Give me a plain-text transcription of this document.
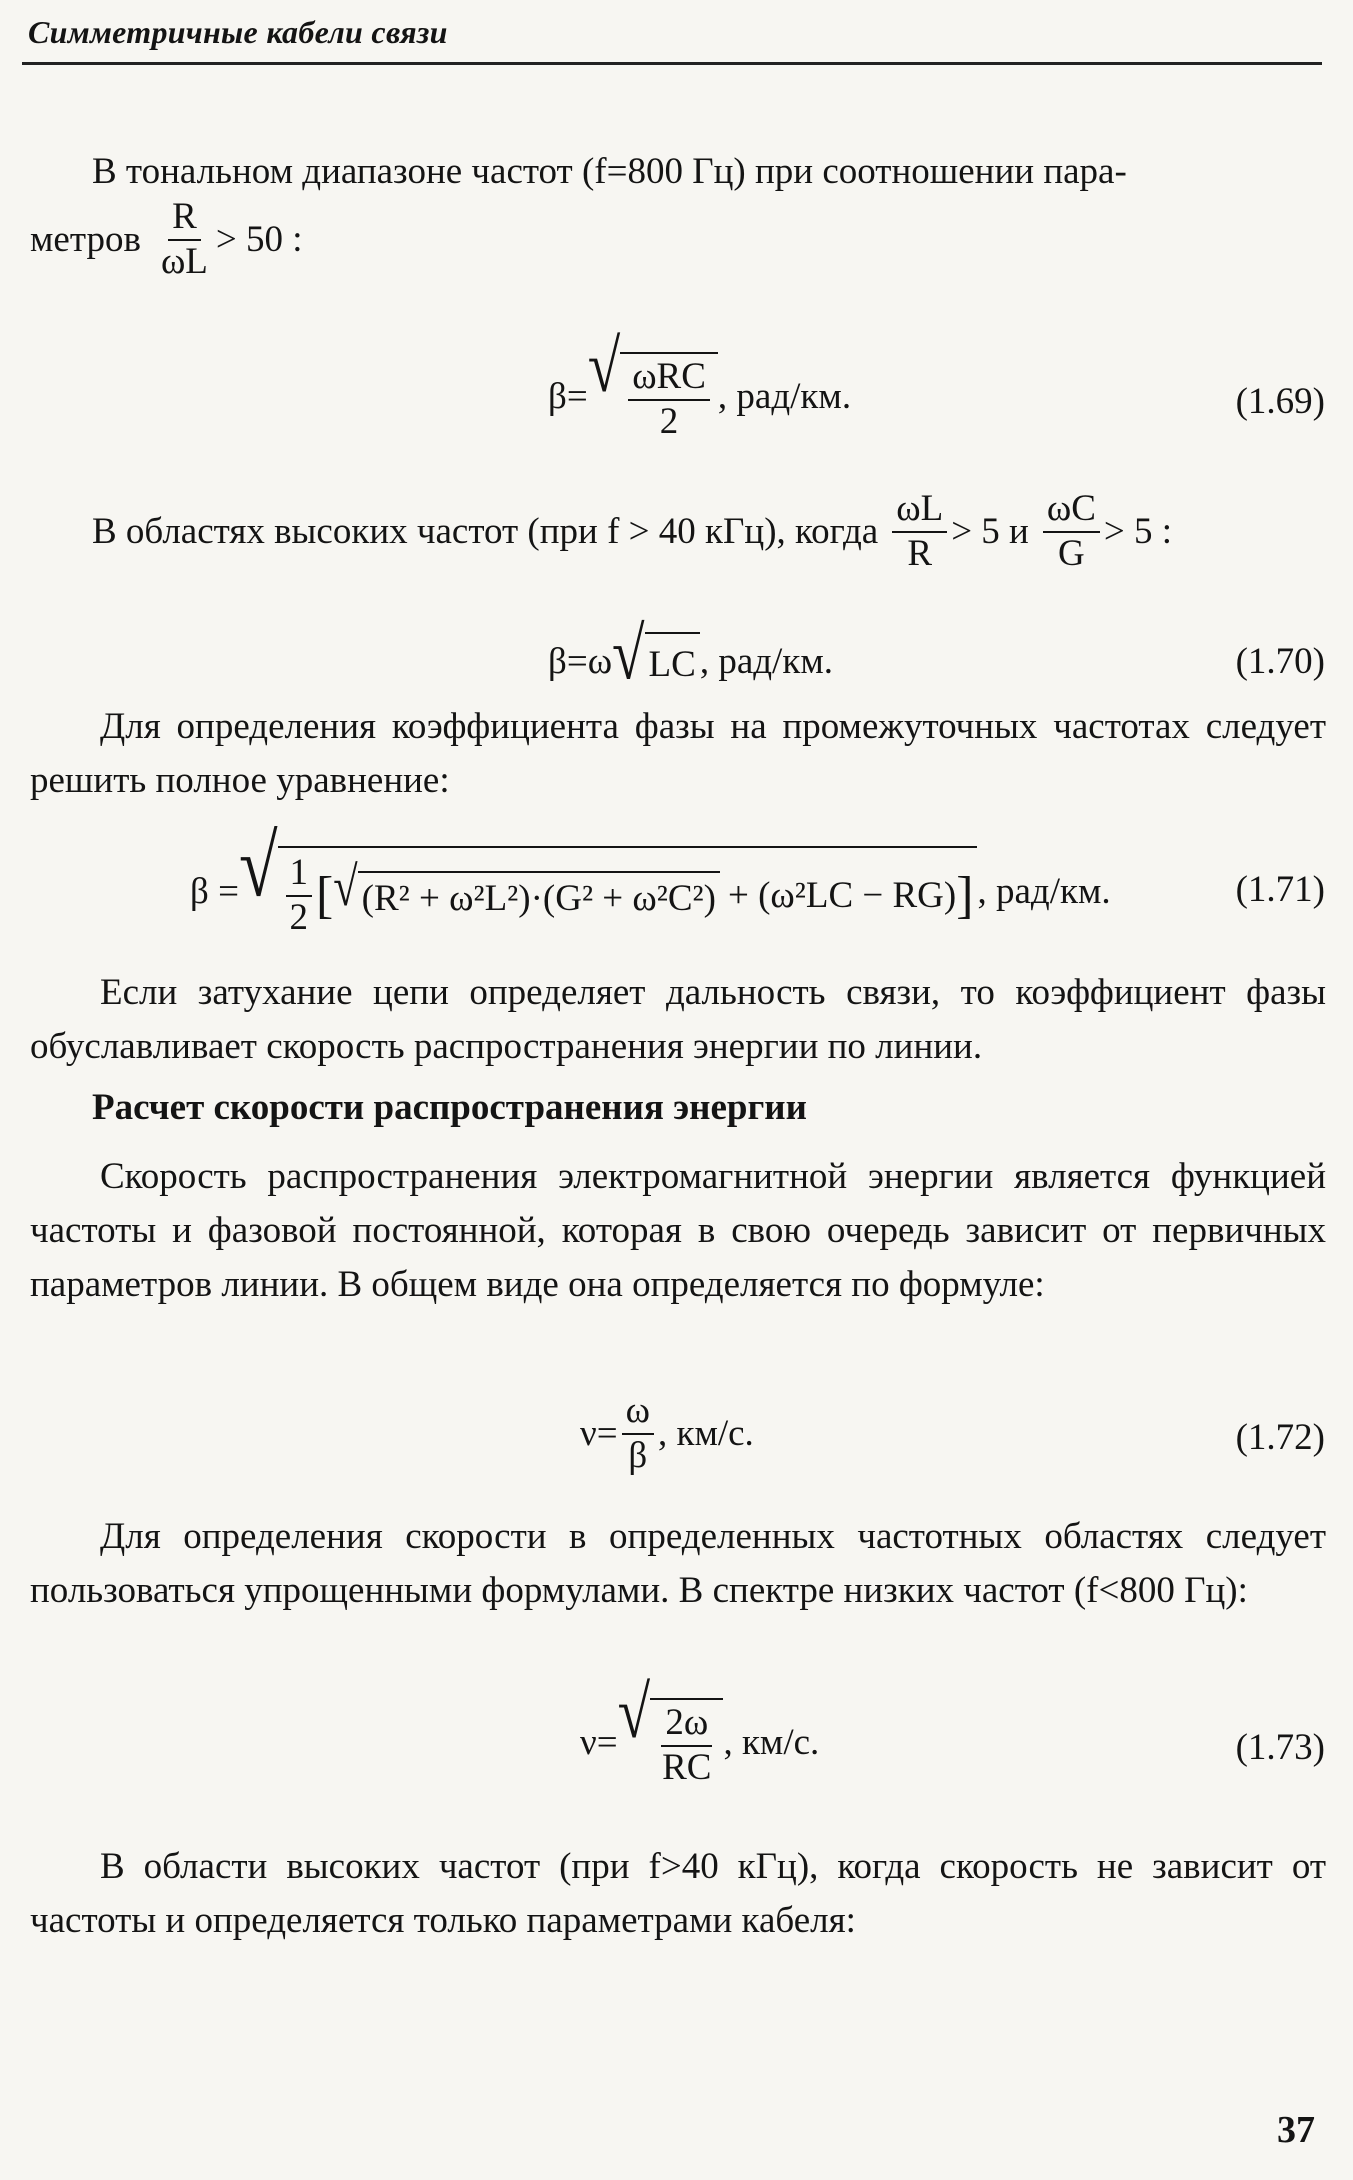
Симметричные кабели связи
В тональном диапазоне частот (f=800 Гц) при соотношении пара-
метров $\frac{R}{\omega L} > 50$ :
β= √ $\frac{\text{ωRC}}{2}$ , рад/км.	(1.69)
В областях высоких частот (при f > 40 кГц), когда $\frac{\omega L}{R} > 5$ и $\frac{\omega C}{G} > 5$ :
β=ω √ LC , рад/км.	(1.70)
Для определения коэффициента фазы на промежуточных частотах следует решить полное уравнение:
β = √ $\frac{1}{2}$ [ √ (R² + ω²L²)·(G² + ω²C²) + (ω²LC − RG) ] , рад/км.	(1.71)
Если затухание цепи определяет дальность связи, то коэффициент фазы обуславливает скорость распространения энергии по линии.
Расчет скорости распространения энергии
Скорость распространения электромагнитной энергии является функцией частоты и фазовой постоянной, которая в свою очередь зависит от первичных параметров линии. В общем виде она определяется по формуле:
$\nu= \frac{\omega}{\beta}$ , км/с.	(1.72)
Для определения скорости в определенных частотных областях следует пользоваться упрощенными формулами. В спектре низких частот (f<800 Гц):
ν= √ $\frac{2\omega}{RC}$ , км/с.	(1.73)
В области высоких частот (при f>40 кГц), когда скорость не зависит от частоты и определяется только параметрами кабеля:
37
